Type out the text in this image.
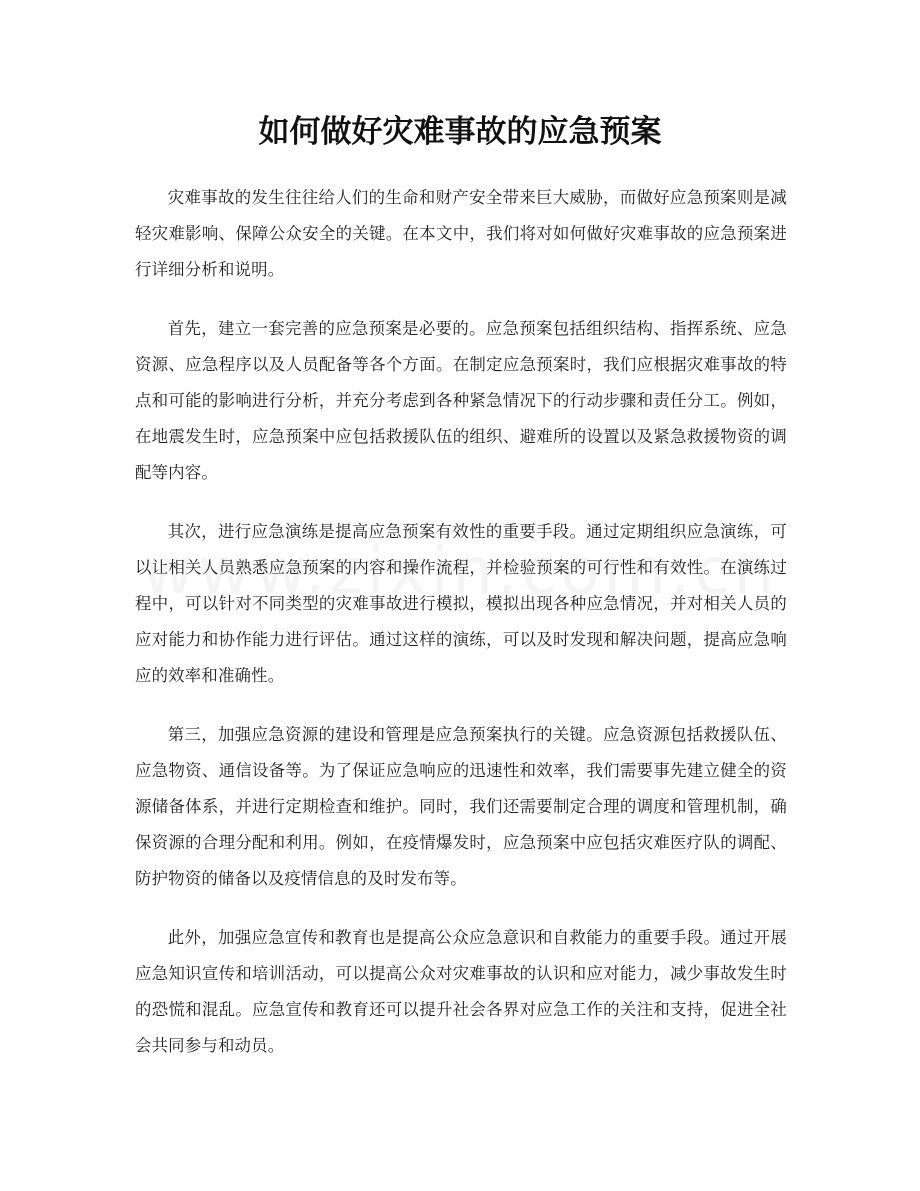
如何做好灾难事故的应急预案

灾难事故的发生往往给人们的生命和财产安全带来巨大威胁，而做好应急预案则是减轻灾难影响、保障公众安全的关键。在本文中，我们将对如何做好灾难事故的应急预案进行详细分析和说明。

首先，建立一套完善的应急预案是必要的。应急预案包括组织结构、指挥系统、应急资源、应急程序以及人员配备等各个方面。在制定应急预案时，我们应根据灾难事故的特点和可能的影响进行分析，并充分考虑到各种紧急情况下的行动步骤和责任分工。例如，在地震发生时，应急预案中应包括救援队伍的组织、避难所的设置以及紧急救援物资的调配等内容。

其次，进行应急演练是提高应急预案有效性的重要手段。通过定期组织应急演练，可以让相关人员熟悉应急预案的内容和操作流程，并检验预案的可行性和有效性。在演练过程中，可以针对不同类型的灾难事故进行模拟，模拟出现各种应急情况，并对相关人员的应对能力和协作能力进行评估。通过这样的演练，可以及时发现和解决问题，提高应急响应的效率和准确性。

第三，加强应急资源的建设和管理是应急预案执行的关键。应急资源包括救援队伍、应急物资、通信设备等。为了保证应急响应的迅速性和效率，我们需要事先建立健全的资源储备体系，并进行定期检查和维护。同时，我们还需要制定合理的调度和管理机制，确保资源的合理分配和利用。例如，在疫情爆发时，应急预案中应包括灾难医疗队的调配、防护物资的储备以及疫情信息的及时发布等。

此外，加强应急宣传和教育也是提高公众应急意识和自救能力的重要手段。通过开展应急知识宣传和培训活动，可以提高公众对灾难事故的认识和应对能力，减少事故发生时的恐慌和混乱。应急宣传和教育还可以提升社会各界对应急工作的关注和支持，促进全社会共同参与和动员。
